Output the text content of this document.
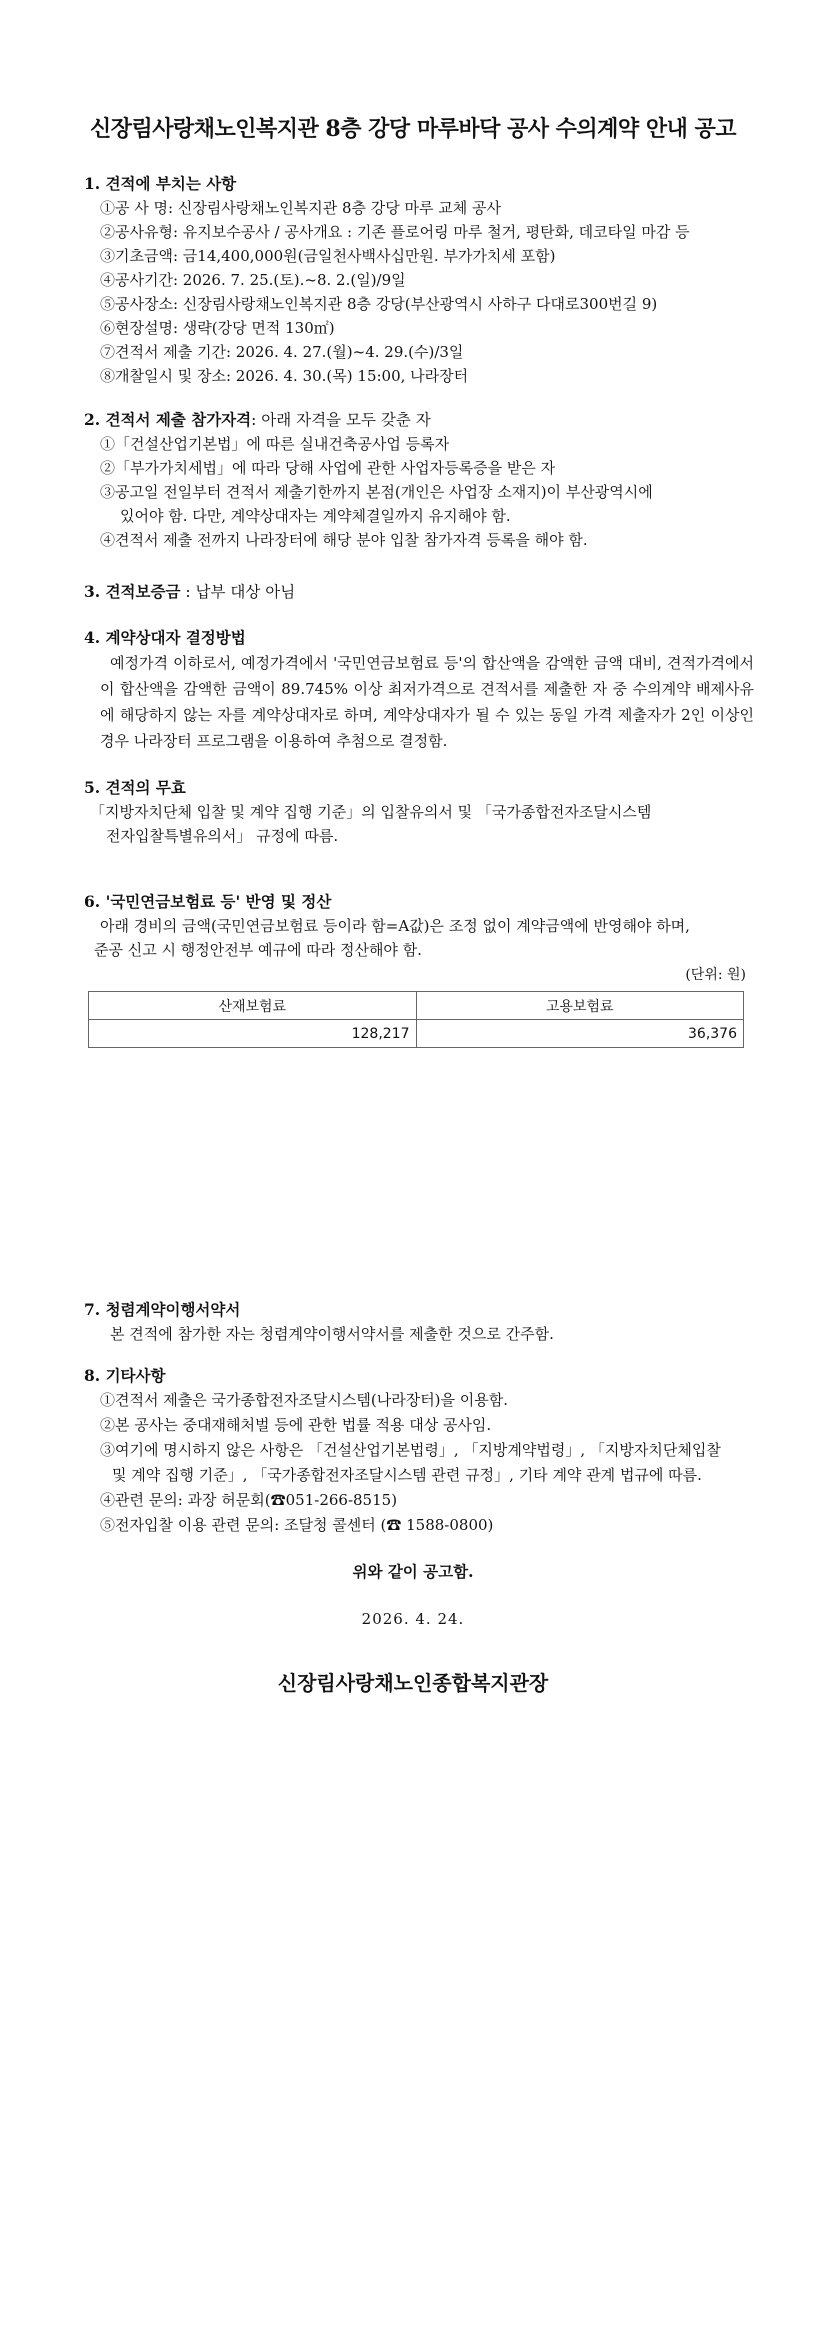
신장림사랑채노인복지관 8층 강당 마루바닥 공사 수의계약 안내 공고
1. 견적에 부치는 사항
①공 사 명: 신장림사랑채노인복지관 8층 강당 마루 교체 공사
②공사유형: 유지보수공사 / 공사개요 : 기존 플로어링 마루 철거, 평탄화, 데코타일 마감 등
③기초금액: 금14,400,000원(금일천사백사십만원. 부가가치세 포함)
④공사기간: 2026. 7. 25.(토).~8. 2.(일)/9일
⑤공사장소: 신장림사랑채노인복지관 8층 강당(부산광역시 사하구 다대로300번길 9)
⑥현장설명: 생략(강당 면적 130㎡)
⑦견적서 제출 기간: 2026. 4. 27.(월)~4. 29.(수)/3일
⑧개찰일시 및 장소: 2026. 4. 30.(목) 15:00, 나라장터
2. 견적서 제출 참가자격: 아래 자격을 모두 갖춘 자
①「건설산업기본법」에 따른 실내건축공사업 등록자
②「부가가치세법」에 따라 당해 사업에 관한 사업자등록증을 받은 자
③공고일 전일부터 견적서 제출기한까지 본점(개인은 사업장 소재지)이 부산광역시에
있어야 함. 다만, 계약상대자는 계약체결일까지 유지해야 함.
④견적서 제출 전까지 나라장터에 해당 분야 입찰 참가자격 등록을 해야 함.
3. 견적보증금 : 납부 대상 아님
4. 계약상대자 결정방법
예정가격 이하로서, 예정가격에서 '국민연금보험료 등'의 합산액을 감액한 금액 대비, 견적가격에서 이 합산액을 감액한 금액이 89.745% 이상 최저가격으로 견적서를 제출한 자 중 수의계약 배제사유에 해당하지 않는 자를 계약상대자로 하며, 계약상대자가 될 수 있는 동일 가격 제출자가 2인 이상인 경우 나라장터 프로그램을 이용하여 추첨으로 결정함.
5. 견적의 무효
「지방자치단체 입찰 및 계약 집행 기준」의 입찰유의서 및 「국가종합전자조달시스템
전자입찰특별유의서」 규정에 따름.
6. '국민연금보험료 등' 반영 및 정산
아래 경비의 금액(국민연금보험료 등이라 함=A값)은 조정 없이 계약금액에 반영해야 하며,
준공 신고 시 행정안전부 예규에 따라 정산해야 함.
(단위: 원)
산재보험료	고용보험료
128,217	36,376
7. 청렴계약이행서약서
본 견적에 참가한 자는 청렴계약이행서약서를 제출한 것으로 간주함.
8. 기타사항
①견적서 제출은 국가종합전자조달시스템(나라장터)을 이용함.
②본 공사는 중대재해처벌 등에 관한 법률 적용 대상 공사임.
③여기에 명시하지 않은 사항은 「건설산업기본법령」, 「지방계약법령」, 「지방자치단체입찰
및 계약 집행 기준」, 「국가종합전자조달시스템 관련 규정」, 기타 계약 관계 법규에 따름.
④관련 문의: 과장 허문회(☎051-266-8515)
⑤전자입찰 이용 관련 문의: 조달청 콜센터 (☎ 1588-0800)
위와 같이 공고함.
2026. 4. 24.
신장림사랑채노인종합복지관장
